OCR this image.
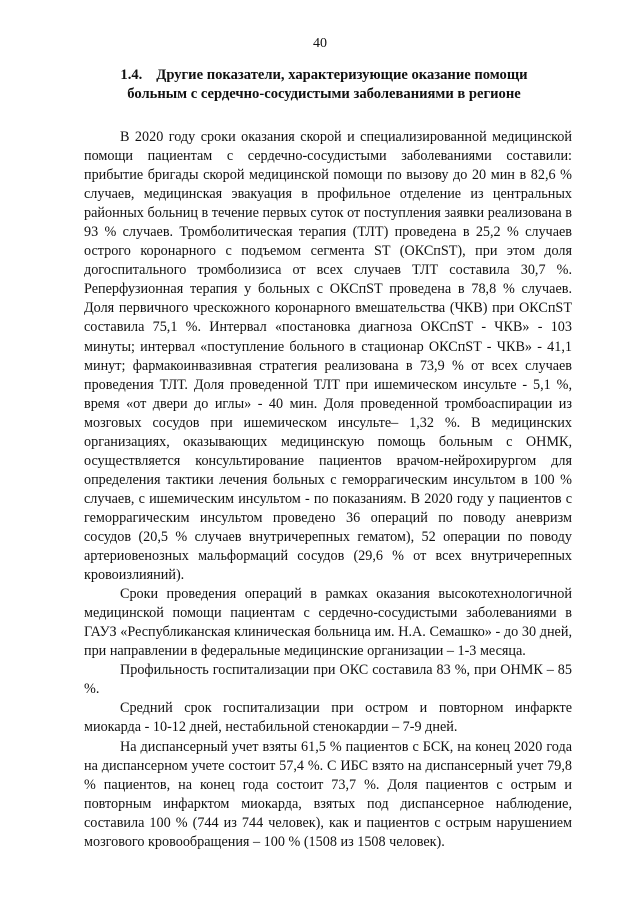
40
1.4. Другие показатели, характеризующие оказание помощи
больным с сердечно-сосудистыми заболеваниями в регионе

В 2020 году сроки оказания скорой и специализированной медицинской помощи пациентам с сердечно-сосудистыми заболеваниями составили: прибытие бригады скорой медицинской помощи по вызову до 20 мин в 82,6 % случаев, медицинская эвакуация в профильное отделение из центральных районных больниц в течение первых суток от поступления заявки реализована в 93 % случаев. Тромболитическая терапия (ТЛТ) проведена в 25,2 % случаев острого коронарного с подъемом сегмента ST (ОКСпST), при этом доля догоспитального тромболизиса от всех случаев ТЛТ составила 30,7 %. Реперфузионная терапия у больных с ОКСпST проведена в 78,8 % случаев. Доля первичного чрескожного коронарного вмешательства (ЧКВ) при ОКСпST составила 75,1 %. Интервал «постановка диагноза ОКСпST - ЧКВ» - 103 минуты; интервал «поступление больного в стационар ОКСпST - ЧКВ» - 41,1 минут; фармакоинвазивная стратегия реализована в 73,9 % от всех случаев проведения ТЛТ. Доля проведенной ТЛТ при ишемическом инсульте - 5,1 %, время «от двери до иглы» - 40 мин. Доля проведенной тромбоаспирации из мозговых сосудов при ишемическом инсульте– 1,32 %. В медицинских организациях, оказывающих медицинскую помощь больным с ОНМК, осуществляется консультирование пациентов врачом-нейрохирургом для определения тактики лечения больных с геморрагическим инсультом в 100 % случаев, с ишемическим инсультом - по показаниям. В 2020 году у пациентов с геморрагическим инсультом проведено 36 операций по поводу аневризм сосудов (20,5 % случаев внутричерепных гематом), 52 операции по поводу артериовенозных мальформаций сосудов (29,6 % от всех внутричерепных кровоизлияний).

Сроки проведения операций в рамках оказания высокотехнологичной медицинской помощи пациентам с сердечно-сосудистыми заболеваниями в ГАУЗ «Республиканская клиническая больница им. Н.А. Семашко» - до 30 дней, при направлении в федеральные медицинские организации – 1-3 месяца.

Профильность госпитализации при ОКС составила 83 %, при ОНМК – 85 %.

Средний срок госпитализации при остром и повторном инфаркте миокарда - 10-12 дней, нестабильной стенокардии – 7-9 дней.

На диспансерный учет взяты 61,5 % пациентов с БСК, на конец 2020 года на диспансерном учете состоит 57,4 %. С ИБС взято на диспансерный учет 79,8 % пациентов, на конец года состоит 73,7 %. Доля пациентов с острым и повторным инфарктом миокарда, взятых под диспансерное наблюдение, составила 100 % (744 из 744 человек), как и пациентов с острым нарушением мозгового кровообращения – 100 % (1508 из 1508 человек).
